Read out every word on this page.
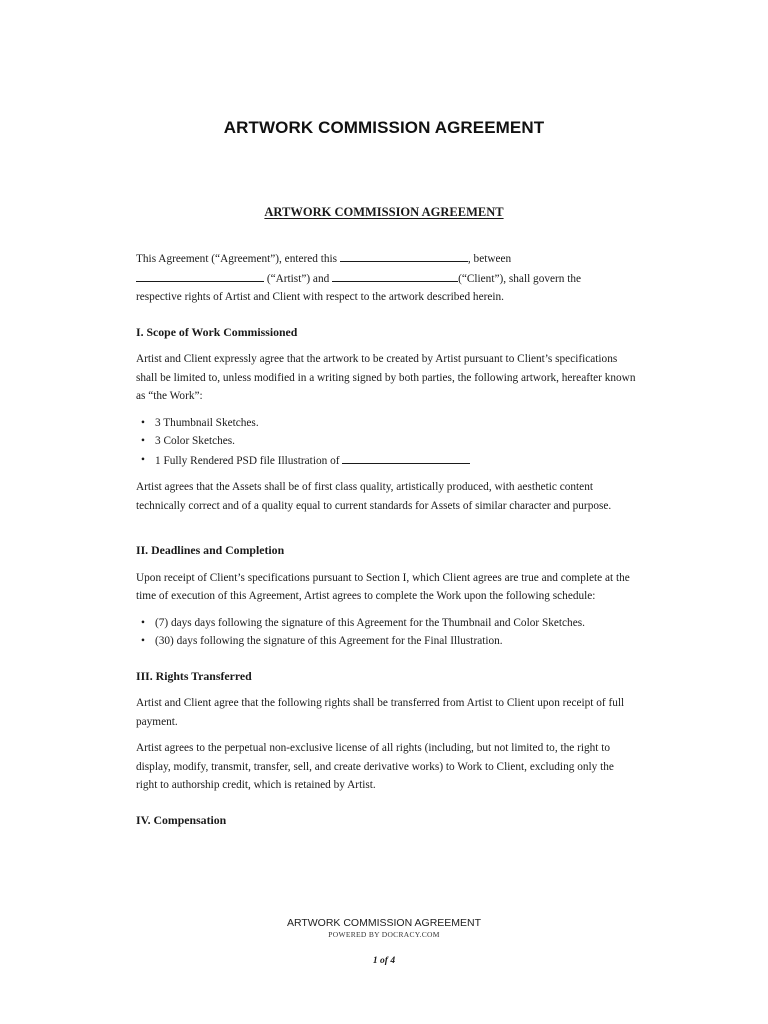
ARTWORK COMMISSION AGREEMENT
ARTWORK COMMISSION AGREEMENT

This Agreement (“Agreement”), entered this	, between
(“Artist”) and	(“Client”), shall govern the
respective rights of Artist and Client with respect to the artwork described herein.

I. Scope of Work Commissioned

Artist and Client expressly agree that the artwork to be created by Artist pursuant to Client’s specifications shall be limited to, unless modified in a writing signed by both parties, the following artwork, hereafter known as “the Work”:

• 3 Thumbnail Sketches.
• 3 Color Sketches.
• 1 Fully Rendered PSD file Illustration of

Artist agrees that the Assets shall be of first class quality, artistically produced, with aesthetic content technically correct and of a quality equal to current standards for Assets of similar character and purpose.

II. Deadlines and Completion

Upon receipt of Client’s specifications pursuant to Section I, which Client agrees are true and complete at the time of execution of this Agreement, Artist agrees to complete the Work upon the following schedule:

• (7) days days following the signature of this Agreement for the Thumbnail and Color Sketches.
• (30) days following the signature of this Agreement for the Final Illustration.
III. Rights Transferred

Artist and Client agree that the following rights shall be transferred from Artist to Client upon receipt of full payment.

Artist agrees to the perpetual non-exclusive license of all rights (including, but not limited to, the right to display, modify, transmit, transfer, sell, and create derivative works) to Work to Client, excluding only the right to authorship credit, which is retained by Artist.

IV. Compensation
ARTWORK COMMISSION AGREEMENT
POWERED BY DOCRACY.COM
1 of 4
